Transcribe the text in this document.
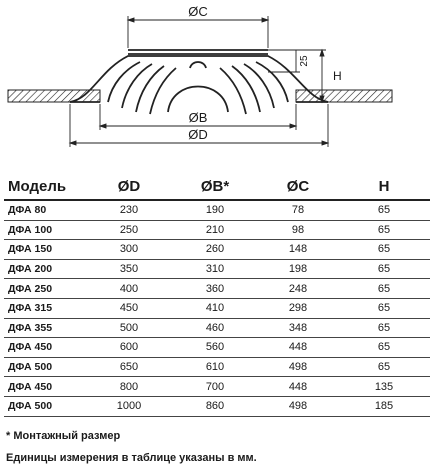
ØC
25
H
ØB
ØD
Модель	ØD	ØB*	ØC	H
ДФА 80	230	190	78	65
ДФА 100	250	210	98	65
ДФА 150	300	260	148	65
ДФА 200	350	310	198	65
ДФА 250	400	360	248	65
ДФА 315	450	410	298	65
ДФА 355	500	460	348	65
ДФА 450	600	560	448	65
ДФА 500	650	610	498	65
ДФА 450	800	700	448	135
ДФА 500	1000	860	498	185
* Монтажный размер
Единицы измерения в таблице указаны в мм.
